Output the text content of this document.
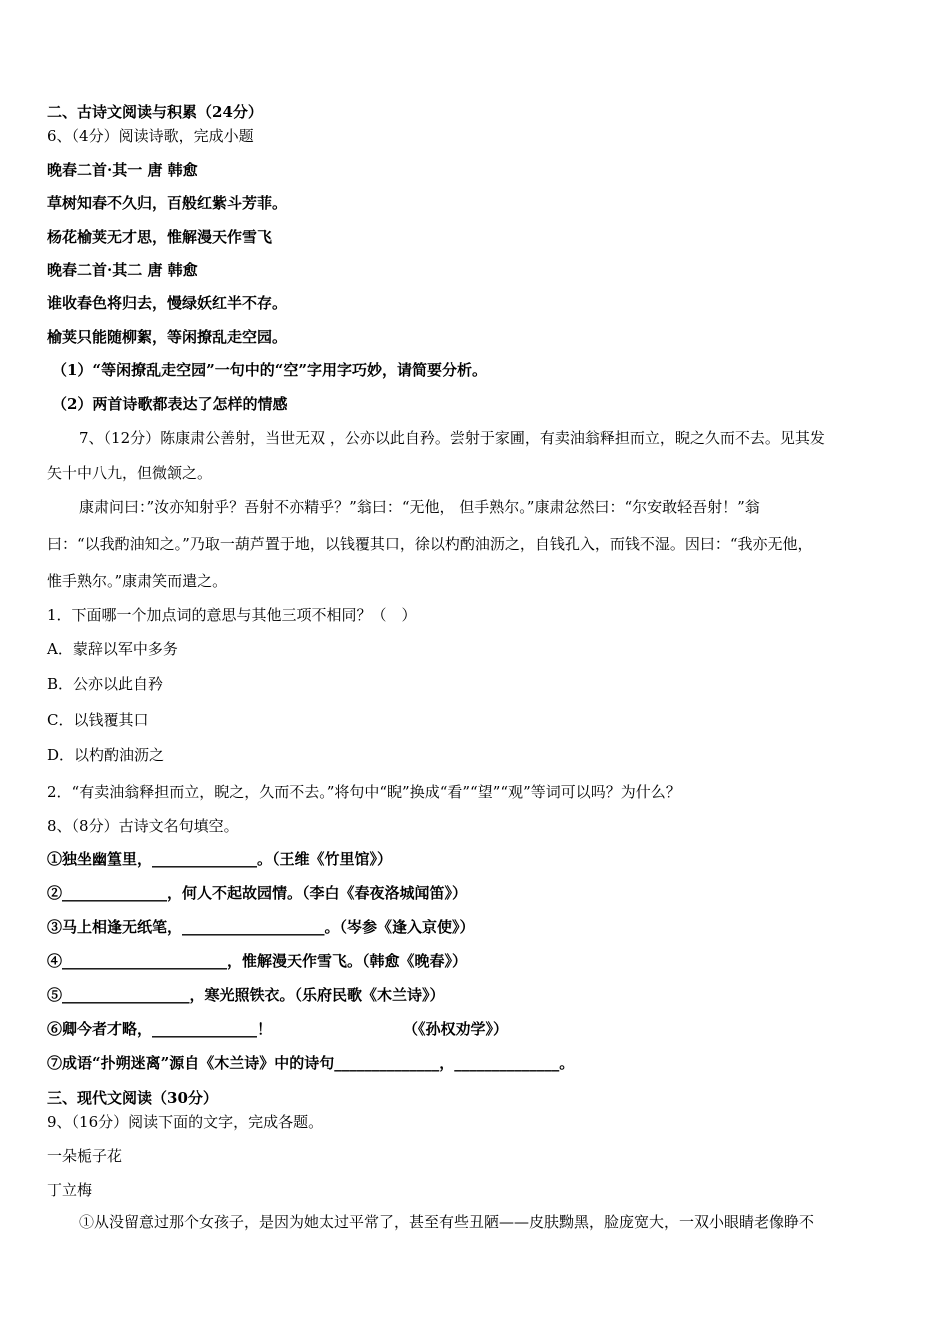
二、古诗文阅读与积累（24分）
6、（4分）阅读诗歌，完成小题
晚春二首·其一 唐 韩愈
草树知春不久归，百般红紫斗芳菲。
杨花榆荚无才思，惟解漫天作雪飞
晚春二首·其二 唐 韩愈
谁收春色将归去，慢绿妖红半不存。
榆荚只能随柳絮，等闲撩乱走空园。
（1）“等闲撩乱走空园”一句中的“空”字用字巧妙，请简要分析。
（2）两首诗歌都表达了怎样的情感
7、（12分）陈康肃公善射，当世无双 ，公亦以此自矜。尝射于家圃，有卖油翁释担而立，睨之久而不去。见其发
矢十中八九，但微颔之。
康肃问曰：”汝亦知射乎？吾射不亦精乎？”翁曰：“无他， 但手熟尔。”康肃忿然曰：“尔安敢轻吾射！”翁
曰：“以我酌油知之。”乃取一葫芦置于地，以钱覆其口，徐以杓酌油沥之，自钱孔入，而钱不湿。因曰：“我亦无他，
惟手熟尔。”康肃笑而遣之。
1．下面哪一个加点词的意思与其他三项不相同？（　）
A．蒙辞以军中多务
B．公亦以此自矜
C．以钱覆其口
D．以杓酌油沥之
2．“有卖油翁释担而立，睨之，久而不去。”将句中“睨”换成“看”“望”“观”等词可以吗？为什么？
8、（8分）古诗文名句填空。
①独坐幽篁里，______________。（王维《竹里馆》）
②______________，何人不起故园情。（李白《春夜洛城闻笛》）
③马上相逢无纸笔，___________________。（岑参《逢入京使》）
④______________________，惟解漫天作雪飞。（韩愈《晚春》）
⑤_________________，寒光照铁衣。（乐府民歌《木兰诗》）
⑥卿今者才略，______________！	（《孙权劝学》）
⑦成语“扑朔迷离”源自《木兰诗》中的诗句______________，______________。
三、现代文阅读（30分）
9、（16分）阅读下面的文字，完成各题。
一朵栀子花
丁立梅
①从没留意过那个女孩子，是因为她太过平常了，甚至有些丑陋——皮肤黝黑，脸庞宽大，一双小眼睛老像睁不
